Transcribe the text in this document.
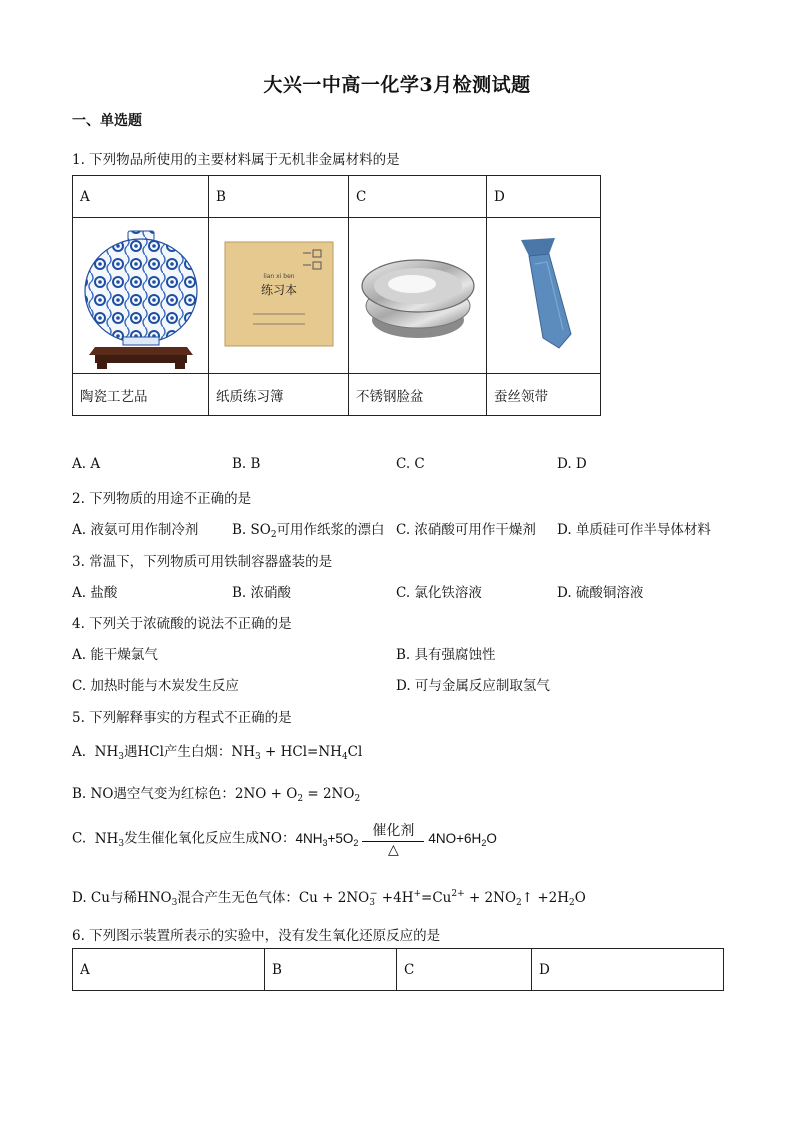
大兴一中高一化学3月检测试题
一、单选题
1. 下列物品所使用的主要材料属于无机非金属材料的是
A	B	C	D

lian xi ben
练习本

陶瓷工艺品	纸质练习簿	不锈钢脸盆	蚕丝领带
A. A	B. B	C. C	D. D
2. 下列物质的用途不正确的是
A. 液氨可用作制冷剂 B. $SO_2$可用作纸浆的漂白 C. 浓硝酸可用作干燥剂 D. 单质硅可作半导体材料
3. 常温下，下列物质可用铁制容器盛装的是
A. 盐酸	B. 浓硝酸	C. 氯化铁溶液	D. 硫酸铜溶液
4. 下列关于浓硫酸的说法不正确的是
A. 能干燥氯气	B. 具有强腐蚀性
C. 加热时能与木炭发生反应	D. 可与金属反应制取氢气
5. 下列解释事实的方程式不正确的是
A.  $NH_3$遇HCl产生白烟：$NH_3 + HCl=NH_4Cl$
B. NO遇空气变为红棕色：$2NO + O_2 = 2NO_2$
C.  $NH_3$发生催化氧化反应生成NO：$4NH_3+5O_2 \frac{\text{催化剂}}{\triangle} 4NO+6H_2O$
D. Cu与稀$HNO_3$混合产生无色气体：$Cu + 2NO_3^- +4H^+=Cu^{2+}$ + $2NO_2↑ +2H_2O$
6. 下列图示装置所表示的实验中，没有发生氧化还原反应的是
A	B	C	D
